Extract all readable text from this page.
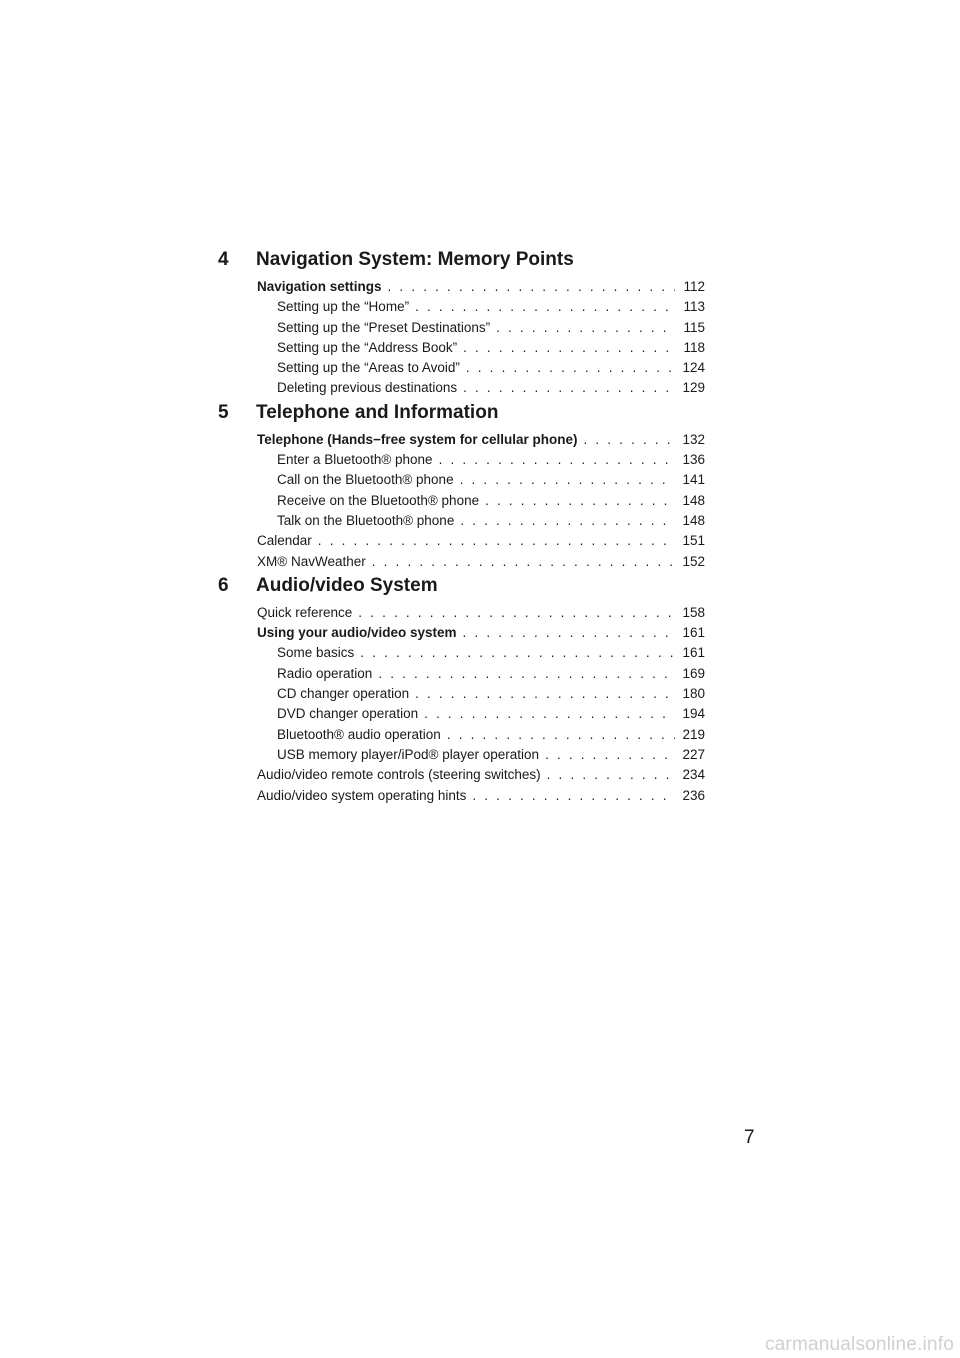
4	Navigation System: Memory Points
Navigation settings . . .	112
Setting up the “Home” . . .	113
Setting up the “Preset Destinations” . . .	115
Setting up the “Address Book” . . .	118
Setting up the “Areas to Avoid” . . .	124
Deleting previous destinations . . .	129
5	Telephone and Information
Telephone (Hands−free system for cellular phone) . . .	132
Enter a Bluetooth® phone . . .	136
Call on the Bluetooth® phone . . .	141
Receive on the Bluetooth® phone . . .	148
Talk on the Bluetooth® phone . . .	148
Calendar . . .	151
XM® NavWeather . . .	152
6	Audio/video System
Quick reference . . .	158
Using your audio/video system . . .	161
Some basics . . .	161
Radio operation . . .	169
CD changer operation . . .	180
DVD changer operation . . .	194
Bluetooth® audio operation . . .	219
USB memory player/iPod® player operation . . .	227
Audio/video remote controls (steering switches) . . .	234
Audio/video system operating hints . . .	236
7
carmanualsonline.info
